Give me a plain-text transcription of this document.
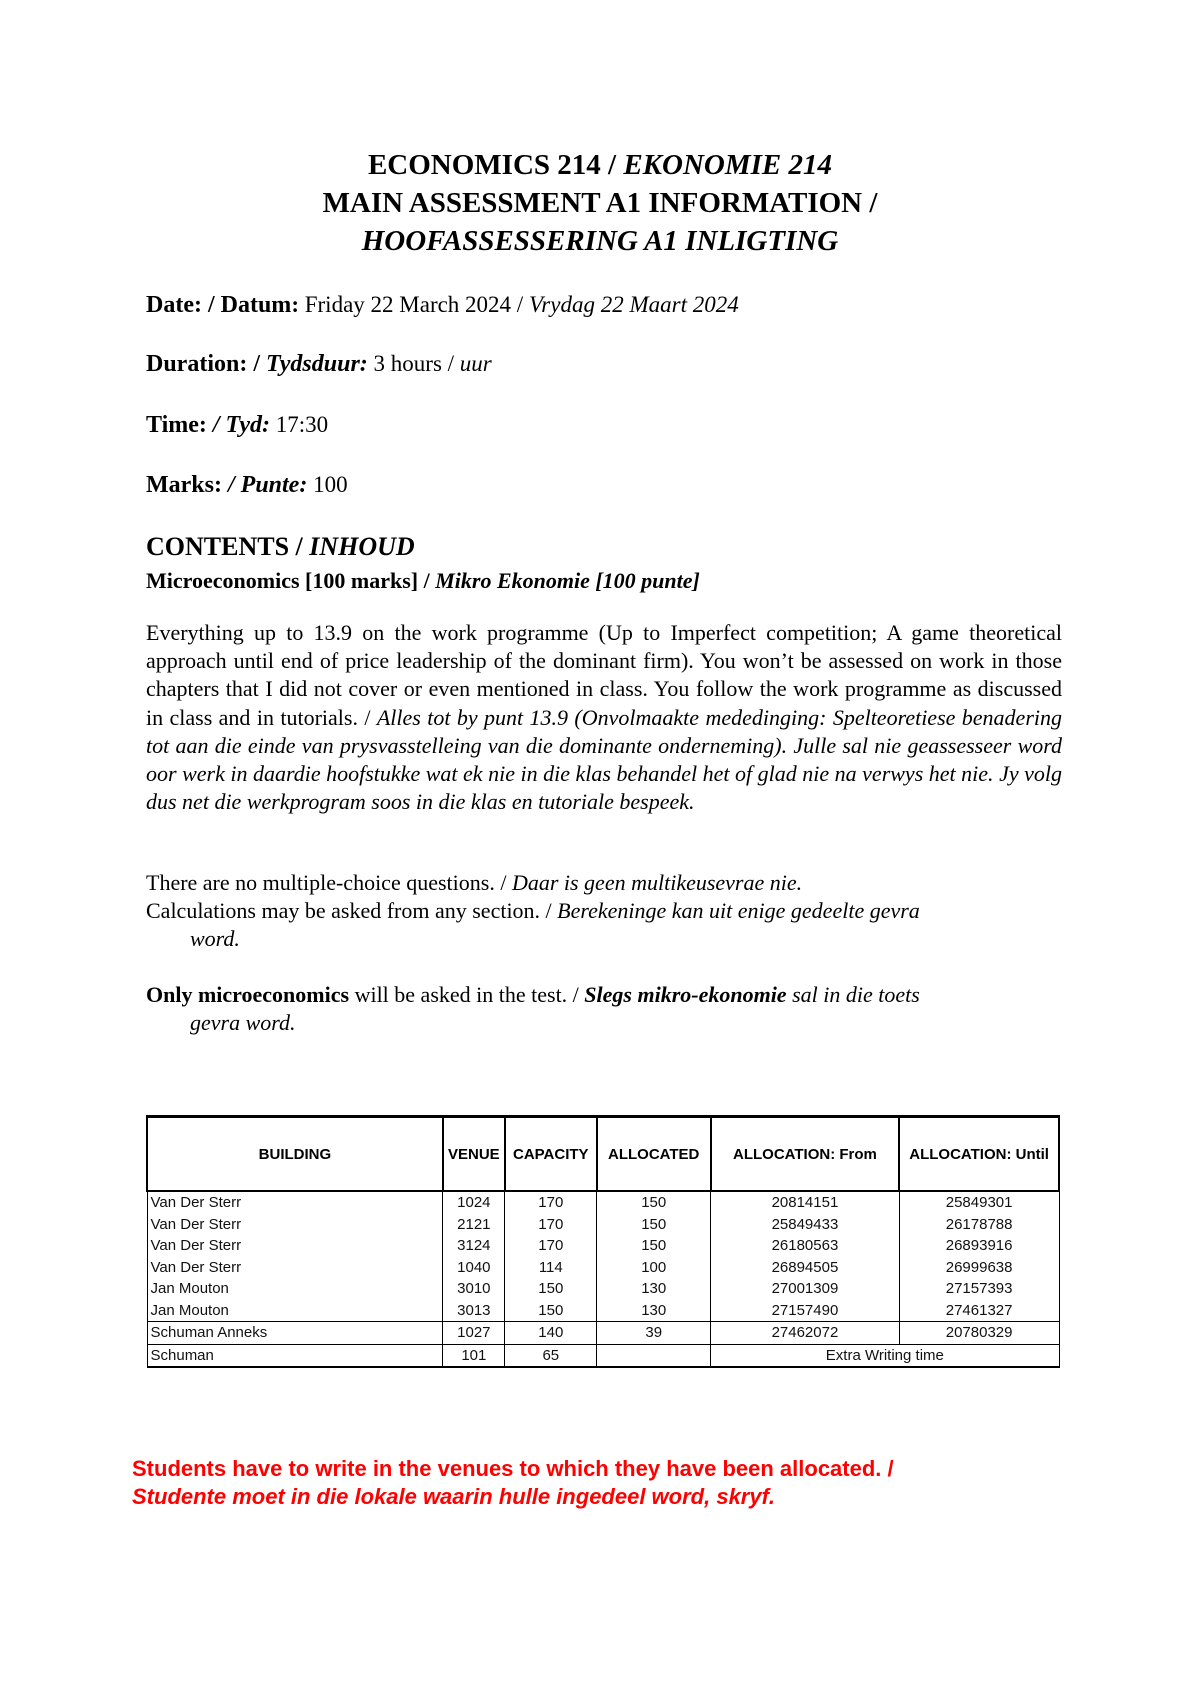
ECONOMICS 214 / EKONOMIE 214
MAIN ASSESSMENT A1 INFORMATION /
HOOFASSESSERING A1 INLIGTING
Date: / Datum: Friday 22 March 2024 / Vrydag 22 Maart 2024
Duration: / Tydsduur: 3 hours / uur
Time: / Tyd: 17:30
Marks: / Punte: 100
CONTENTS / INHOUD
Microeconomics [100 marks] / Mikro Ekonomie [100 punte]
Everything up to 13.9 on the work programme (Up to Imperfect competition; A game theoretical approach until end of price leadership of the dominant firm). You won’t be assessed on work in those chapters that I did not cover or even mentioned in class. You follow the work programme as discussed in class and in tutorials. / Alles tot by punt 13.9 (Onvolmaakte mededinging: Spelteoretiese benadering tot aan die einde van prysvasstelleing van die dominante onderneming). Julle sal nie geassesseer word oor werk in daardie hoofstukke wat ek nie in die klas behandel het of glad nie na verwys het nie. Jy volg dus net die werkprogram soos in die klas en tutoriale bespeek.
There are no multiple-choice questions. / Daar is geen multikeusevrae nie.
Calculations may be asked from any section. / Berekeninge kan uit enige gedeelte gevra
word.
Only microeconomics will be asked in the test. / Slegs mikro-ekonomie sal in die toets
gevra word.
BUILDING	VENUE	CAPACITY	ALLOCATED	ALLOCATION: From	ALLOCATION: Until
Van Der Sterr	1024	170	150	20814151	25849301
Van Der Sterr	2121	170	150	25849433	26178788
Van Der Sterr	3124	170	150	26180563	26893916
Van Der Sterr	1040	114	100	26894505	26999638
Jan Mouton	3010	150	130	27001309	27157393
Jan Mouton	3013	150	130	27157490	27461327
Schuman Anneks	1027	140	39	27462072	20780329
Schuman	101	65		Extra Writing time	
Students have to write in the venues to which they have been allocated. /
Studente moet in die lokale waarin hulle ingedeel word, skryf.
